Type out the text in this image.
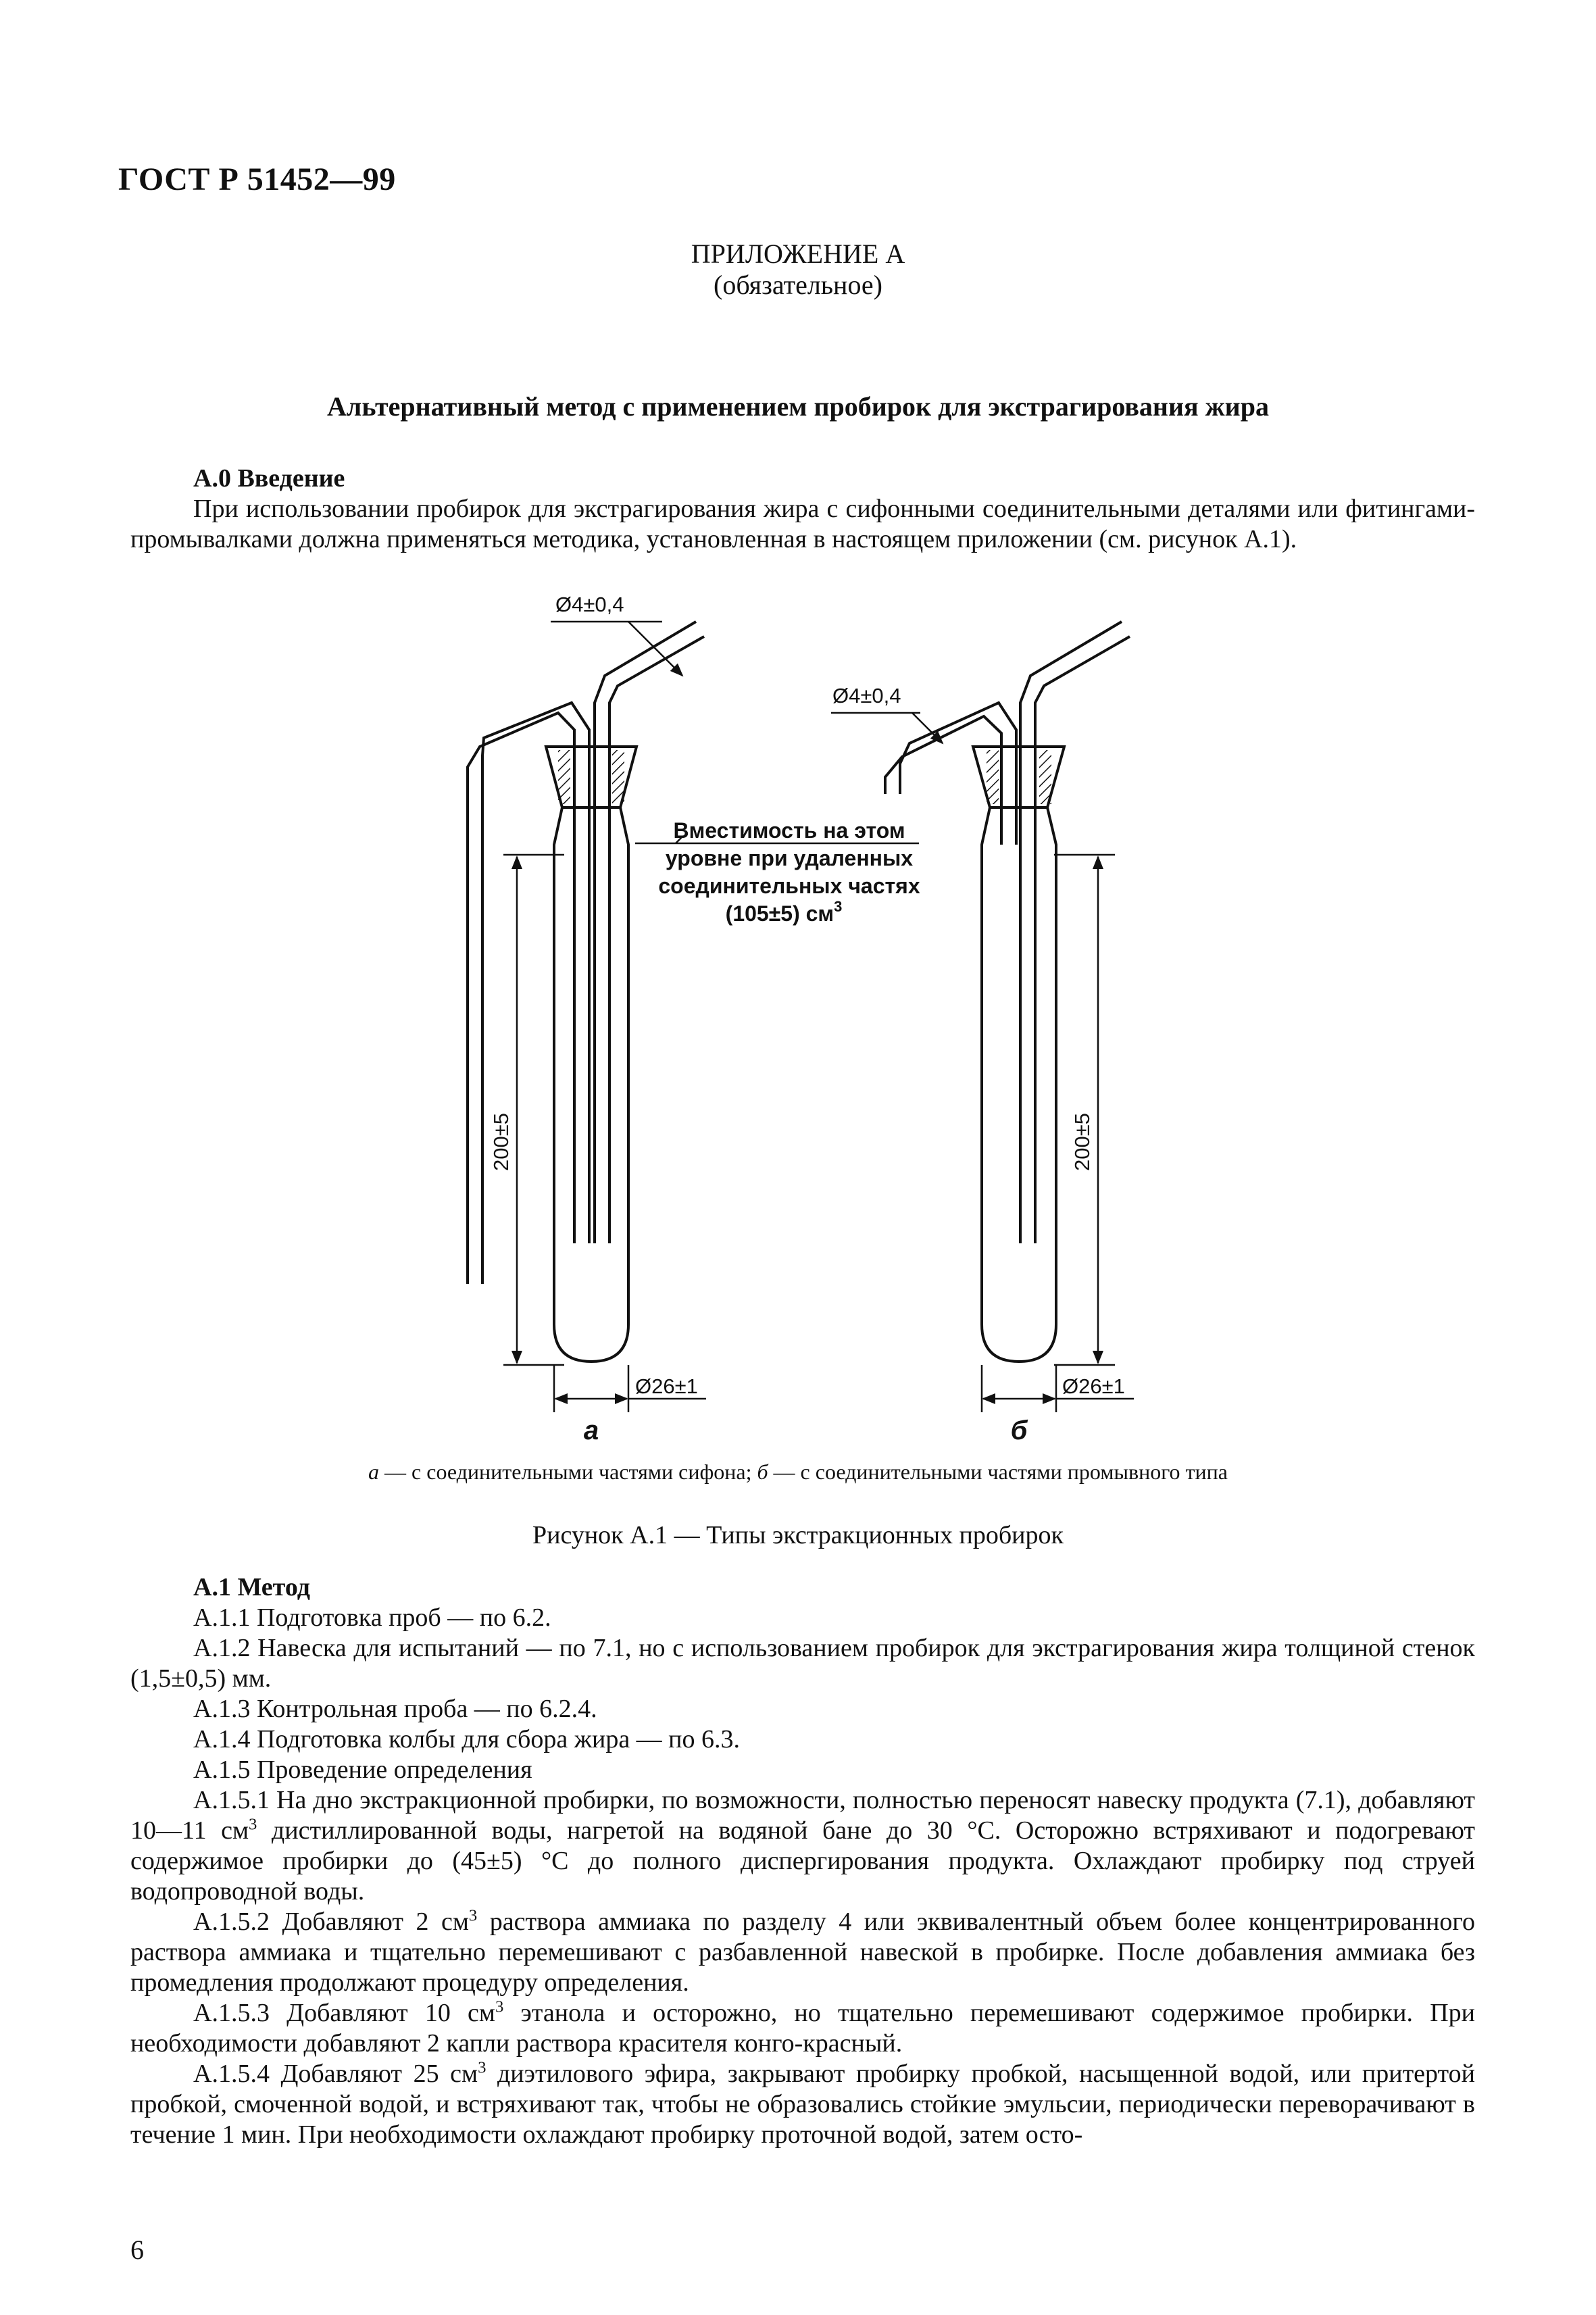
ГОСТ Р 51452—99
ПРИЛОЖЕНИЕ А
(обязательное)
Альтернативный метод с применением пробирок для экстрагирования жира

А.0 Введение

При использовании пробирок для экстрагирования жира с сифонными соединительными деталями или фитингами-промывалками должна применяться методика, установленная в настоящем приложении (см. рисунок А.1).

Ø4±0,4
Ø4±0,4
Ø26±1	Ø26±1
200±5	200±5
Вместимость на этом
уровне при удаленных
соединительных частях
(105±5) $см^3$
а	б
а — с соединительными частями сифона; б — с соединительными частями промывного типа
Рисунок А.1 — Типы экстракционных пробирок

А.1 Метод

А.1.1 Подготовка проб — по 6.2.

А.1.2 Навеска для испытаний — по 7.1, но с использованием пробирок для экстрагирования жира толщиной стенок (1,5±0,5) мм.

А.1.3 Контрольная проба — по 6.2.4.

А.1.4 Подготовка колбы для сбора жира — по 6.3.

А.1.5 Проведение определения

А.1.5.1 На дно экстракционной пробирки, по возможности, полностью переносят навеску продукта (7.1), добавляют 10—11 $см^3$ дистиллированной воды, нагретой на водяной бане до 30 °С. Осторожно встряхивают и подогревают содержимое пробирки до (45±5) °С до полного диспергирования продукта. Охлаждают пробирку под струей водопроводной воды.

А.1.5.2 Добавляют 2 $см^3$ раствора аммиака по разделу 4 или эквивалентный объем более концентрированного раствора аммиака и тщательно перемешивают с разбавленной навеской в пробирке. После добавления аммиака без промедления продолжают процедуру определения.

А.1.5.3 Добавляют 10 $см^3$ этанола и осторожно, но тщательно перемешивают содержимое пробирки. При необходимости добавляют 2 капли раствора красителя конго-красный.

А.1.5.4 Добавляют 25 $см^3$ диэтилового эфира, закрывают пробирку пробкой, насыщенной водой, или притертой пробкой, смоченной водой, и встряхивают так, чтобы не образовались стойкие эмульсии, периодически переворачивают в течение 1 мин. При необходимости охлаждают пробирку проточной водой, затем осто-

6
